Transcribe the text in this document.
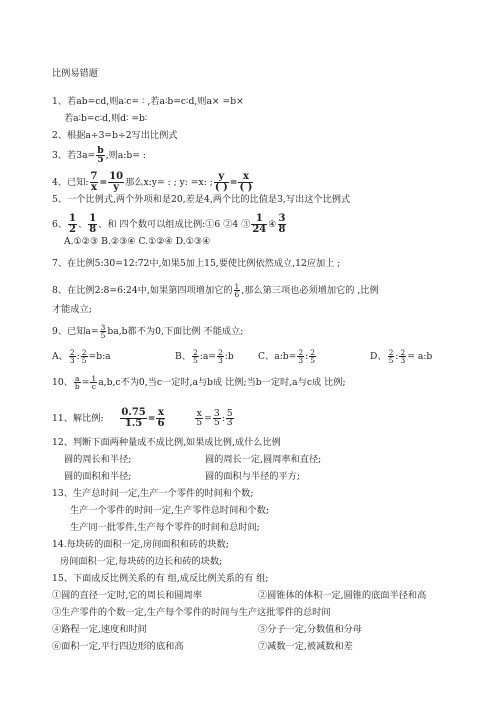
比例易错题
1、若ab=cd,则a∶c= ∶ ,若a∶b=c∶d,则a× =b×
若a∶b=c∶d,则d∶ =b∶
2、根据a÷3=b÷2写出比例式
3、若$3a= \frac{b}{5}$ ,则a:b= :
4、已知: $\frac{7}{x} = \frac{10}{y}$ 那么x:y= : ; y: =x: ; $\frac{y}{( )} = \frac{x}{( )}$
5、一个比例式,两个外项和是20,差是4,两个比的比值是3,写出这个比例式
6、 $\frac{1}{2}$ 、 $\frac{1}{8}$ 、和 四个数可以组成比例:①6 ②4 ③ $\frac{1}{24}$ ④ $\frac{3}{8}$
A.①②③ B.②③④ C.①②④ D.①③④
7、在比例5:30=12:72中,如果5加上15,要使比例依然成立,12应加上 ;
8、在比例2:8=6:24中,如果第四项增加它的 $\frac{1}{6}$ ,那么第三项也必须增加它的 ,比例
才能成立;
9、已知$a= \frac{3}{5} ba,b$都不为0,下面比例 不能成立;
A、 $\frac{2}{3}$ : $\frac{2}{5}$ =b:a	B、 $\frac{2}{5}$ :a= $\frac{2}{3}$ :b	C、a:b= $\frac{2}{3}$ : $\frac{2}{5}$	D、 $\frac{2}{5}$ : $\frac{2}{3}$ = a:b
10、 $\frac{a}{b} = \frac{1}{c} a,b,c$不为0,当c一定时,a与b成 比例;当b一定时,a与c成 比例;
11、解比例: $\frac{0.75}{1.5} = \frac{x}{6}$
	$\frac{x}{5} = \frac{3}{5}$ : $\frac{5}{3}$
12、判断下面两种量成不成比例,如果成比例,成什么比例
圆的周长和半径;	圆的周长一定,圆周率和直径;
圆的面积和半径;	圆的面积与半径的平方;
13、生产总时间一定,生产一个零件的时间和个数;
生产一个零件的时间一定,生产零件总时间和个数;
生产同一批零件,生产每个零件的时间和总时间;
14.每块砖的面积一定,房间面积和砖的块数;
房间面积一定,每块砖的边长和砖的块数;
15、下面成反比例关系的有 组,成反比例关系的有 组;
①圆的直径一定时,它的周长和圆周率	②圆锥体的体积一定,圆锥的底面半径和高
③生产零件的个数一定,生产每个零件的时间与生产这批零件的总时间
④路程一定,速度和时间	⑤分子一定,分数值和分母
⑥面积一定,平行四边形的底和高	⑦减数一定,被减数和差
